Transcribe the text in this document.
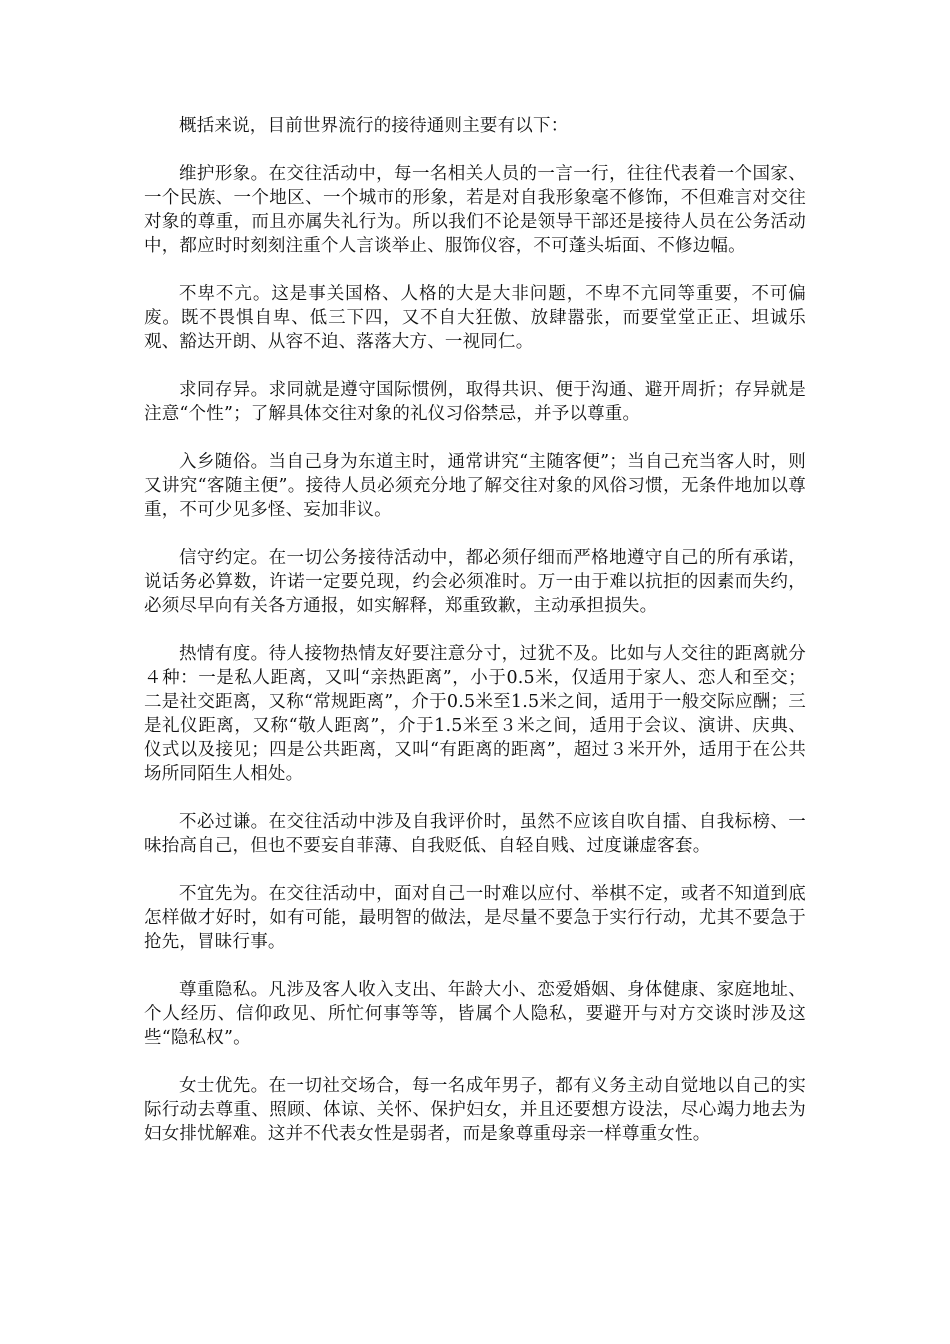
概括来说，目前世界流行的接待通则主要有以下：

维护形象。在交往活动中，每一名相关人员的一言一行，往往代表着一个国家、一个民族、一个地区、一个城市的形象，若是对自我形象毫不修饰，不但难言对交往对象的尊重，而且亦属失礼行为。所以我们不论是领导干部还是接待人员在公务活动中，都应时时刻刻注重个人言谈举止、服饰仪容，不可蓬头垢面、不修边幅。

不卑不亢。这是事关国格、人格的大是大非问题，不卑不亢同等重要，不可偏废。既不畏惧自卑、低三下四，又不自大狂傲、放肆嚣张，而要堂堂正正、坦诚乐观、豁达开朗、从容不迫、落落大方、一视同仁。

求同存异。求同就是遵守国际惯例，取得共识、便于沟通、避开周折；存异就是注意“个性”；了解具体交往对象的礼仪习俗禁忌，并予以尊重。

入乡随俗。当自己身为东道主时，通常讲究“主随客便”；当自己充当客人时，则又讲究“客随主便”。接待人员必须充分地了解交往对象的风俗习惯，无条件地加以尊重，不可少见多怪、妄加非议。

信守约定。在一切公务接待活动中，都必须仔细而严格地遵守自己的所有承诺，说话务必算数，许诺一定要兑现，约会必须准时。万一由于难以抗拒的因素而失约，必须尽早向有关各方通报，如实解释，郑重致歉，主动承担损失。

热情有度。待人接物热情友好要注意分寸，过犹不及。比如与人交往的距离就分４种：一是私人距离，又叫“亲热距离”，小于0.5米，仅适用于家人、恋人和至交；二是社交距离，又称“常规距离”，介于0.5米至1.5米之间，适用于一般交际应酬；三是礼仪距离，又称“敬人距离”，介于1.5米至３米之间，适用于会议、演讲、庆典、仪式以及接见；四是公共距离，又叫“有距离的距离”，超过３米开外，适用于在公共场所同陌生人相处。

不必过谦。在交往活动中涉及自我评价时，虽然不应该自吹自擂、自我标榜、一味抬高自己，但也不要妄自菲薄、自我贬低、自轻自贱、过度谦虚客套。

不宜先为。在交往活动中，面对自己一时难以应付、举棋不定，或者不知道到底怎样做才好时，如有可能，最明智的做法，是尽量不要急于实行行动，尤其不要急于抢先，冒昧行事。

尊重隐私。凡涉及客人收入支出、年龄大小、恋爱婚姻、身体健康、家庭地址、个人经历、信仰政见、所忙何事等等，皆属个人隐私，要避开与对方交谈时涉及这些“隐私权”。

女士优先。在一切社交场合，每一名成年男子，都有义务主动自觉地以自己的实际行动去尊重、照顾、体谅、关怀、保护妇女，并且还要想方设法，尽心竭力地去为妇女排忧解难。这并不代表女性是弱者，而是象尊重母亲一样尊重女性。
